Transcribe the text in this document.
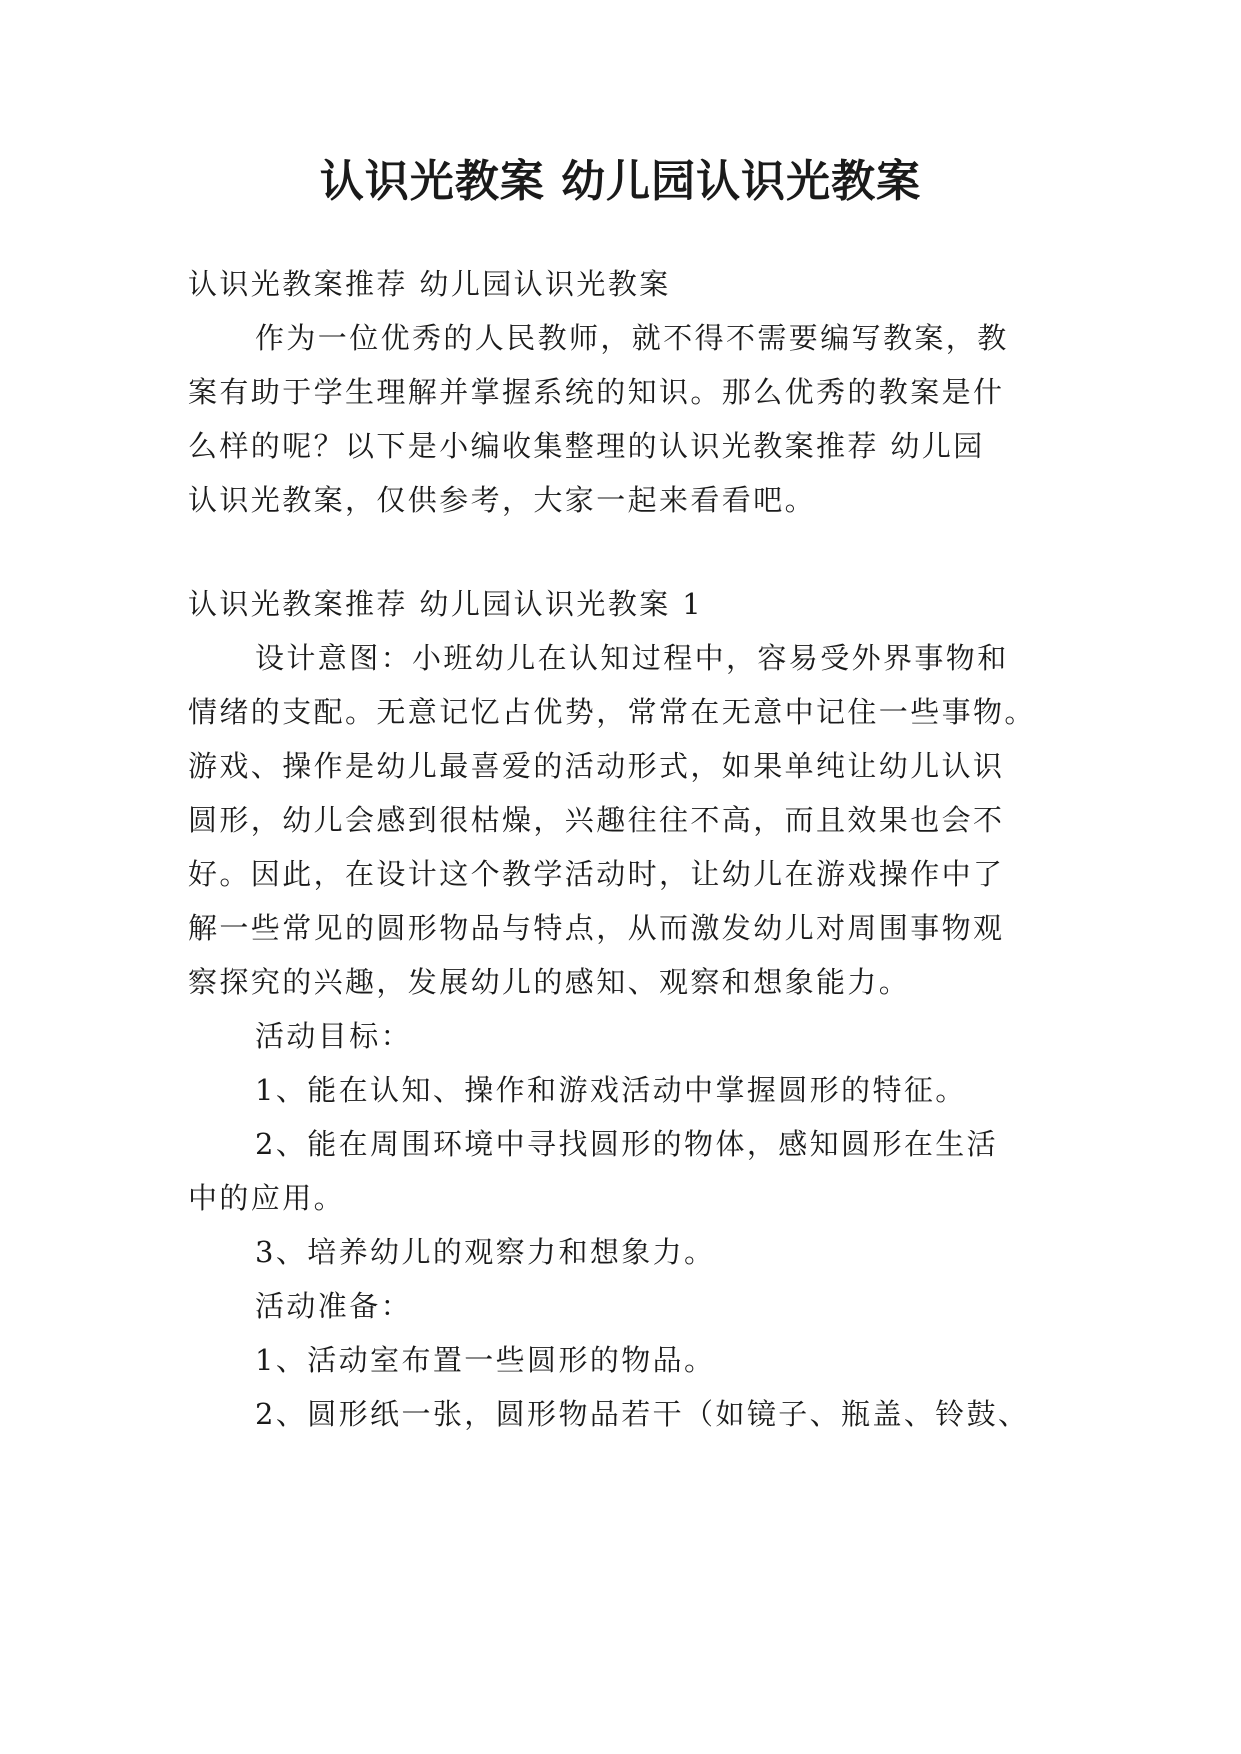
认识光教案 幼儿园认识光教案
认识光教案推荐 幼儿园认识光教案
作为一位优秀的人民教师，就不得不需要编写教案，教
案有助于学生理解并掌握系统的知识。那么优秀的教案是什
么样的呢？以下是小编收集整理的认识光教案推荐 幼儿园
认识光教案，仅供参考，大家一起来看看吧。
认识光教案推荐 幼儿园认识光教案 1
设计意图：小班幼儿在认知过程中，容易受外界事物和
情绪的支配。无意记忆占优势，常常在无意中记住一些事物。
游戏、操作是幼儿最喜爱的活动形式，如果单纯让幼儿认识
圆形，幼儿会感到很枯燥，兴趣往往不高，而且效果也会不
好。因此，在设计这个教学活动时，让幼儿在游戏操作中了
解一些常见的圆形物品与特点，从而激发幼儿对周围事物观
察探究的兴趣，发展幼儿的感知、观察和想象能力。
活动目标：
1、能在认知、操作和游戏活动中掌握圆形的特征。
2、能在周围环境中寻找圆形的物体，感知圆形在生活
中的应用。
3、培养幼儿的观察力和想象力。
活动准备：
1、活动室布置一些圆形的物品。
2、圆形纸一张，圆形物品若干（如镜子、瓶盖、铃鼓、
